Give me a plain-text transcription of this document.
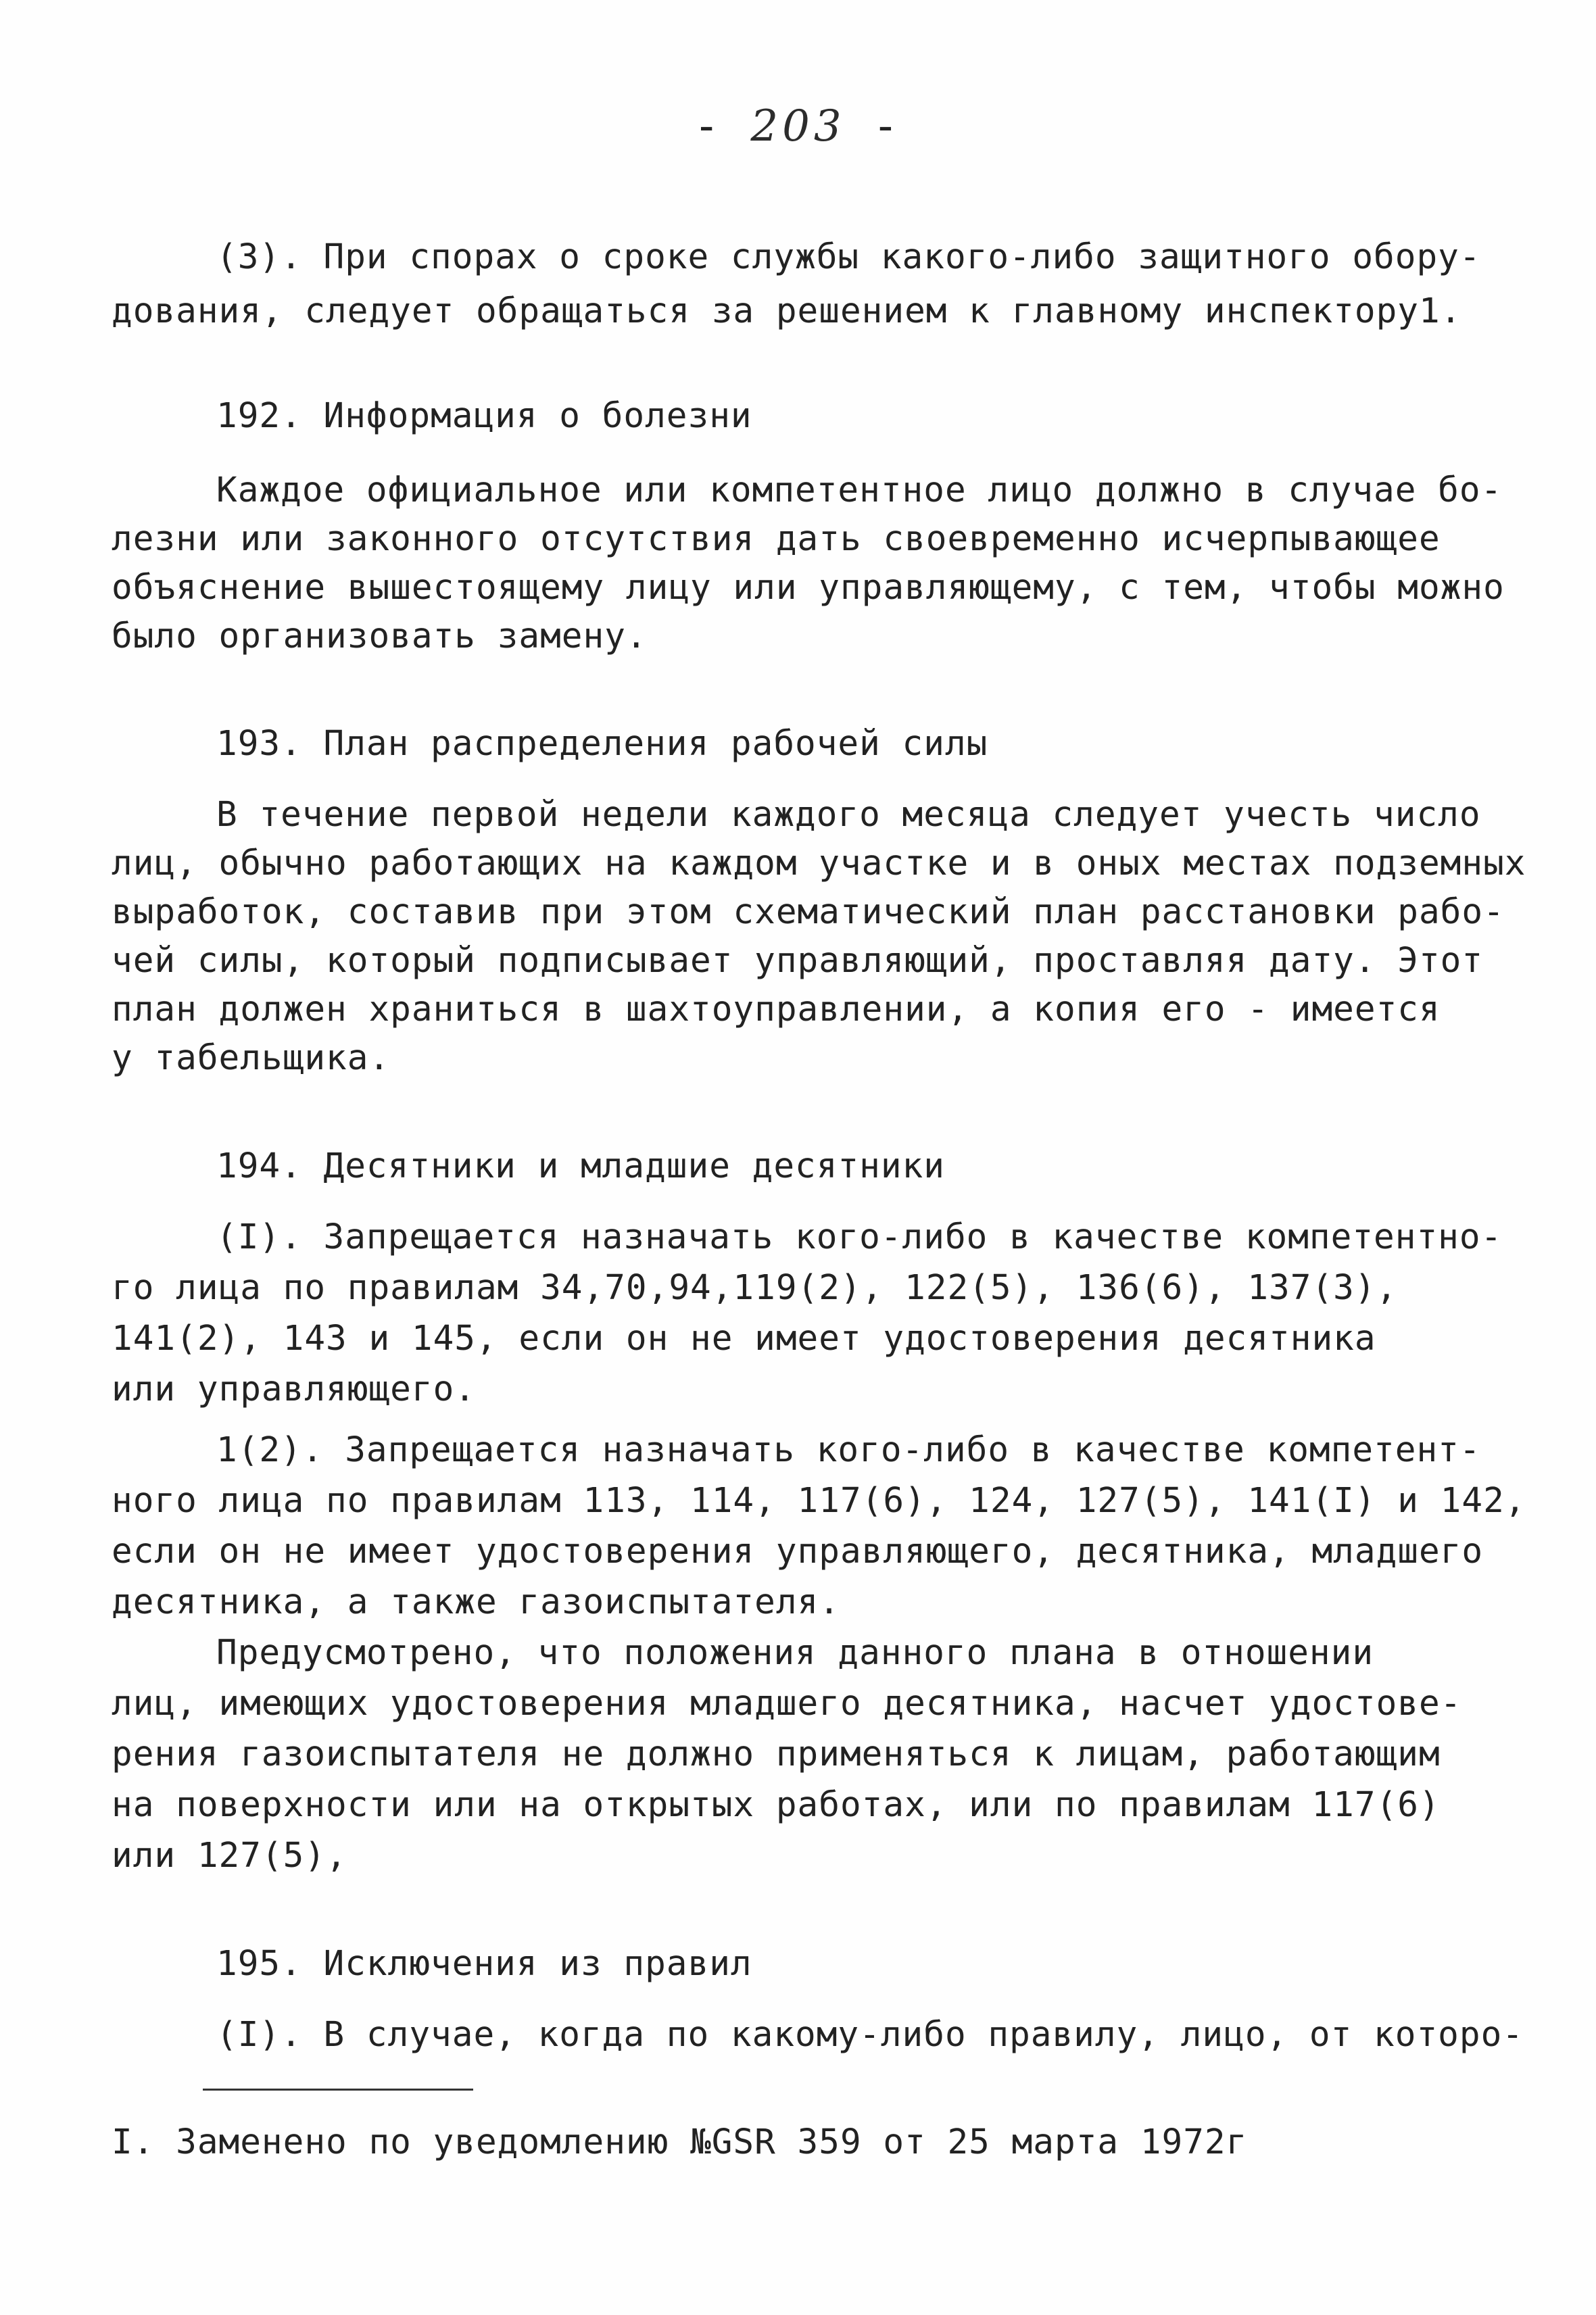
- 203 -
(3). При спорах о сроке службы какого-либо защитного обору-
дования, следует обращаться за решением к главному инспектору1.
192. Информация о болезни
Каждое официальное или компетентное лицо должно в случае бо-
лезни или законного отсутствия дать своевременно исчерпывающее
объяснение вышестоящему лицу или управляющему, с тем, чтобы можно
было организовать замену.
193. План распределения рабочей силы
В течение первой недели каждого месяца следует учесть число
лиц, обычно работающих на каждом участке и в оных местах подземных
выработок, составив при этом схематический план расстановки рабо-
чей силы, который подписывает управляющий, проставляя дату. Этот
план должен храниться в шахтоуправлении, а копия его - имеется
у табельщика.
194. Десятники и младшие десятники
(I). Запрещается назначать кого-либо в качестве компетентно-
го лица по правилам 34,70,94,119(2), 122(5), 136(6), 137(3),
141(2), 143 и 145, если он не имеет удостоверения десятника
или управляющего.
1(2). Запрещается назначать кого-либо в качестве компетент-
ного лица по правилам 113, 114, 117(6), 124, 127(5), 141(I) и 142,
если он не имеет удостоверения управляющего, десятника, младшего
десятника, а также газоиспытателя.
Предусмотрено, что положения данного плана в отношении
лиц, имеющих удостоверения младшего десятника, насчет удостове-
рения газоиспытателя не должно применяться к лицам, работающим
на поверхности или на открытых работах, или по правилам 117(6)
или 127(5),
195. Исключения из правил
(I). В случае, когда по какому-либо правилу, лицо, от которо-
I. Заменено по уведомлению №GSR 359 от 25 марта 1972г
